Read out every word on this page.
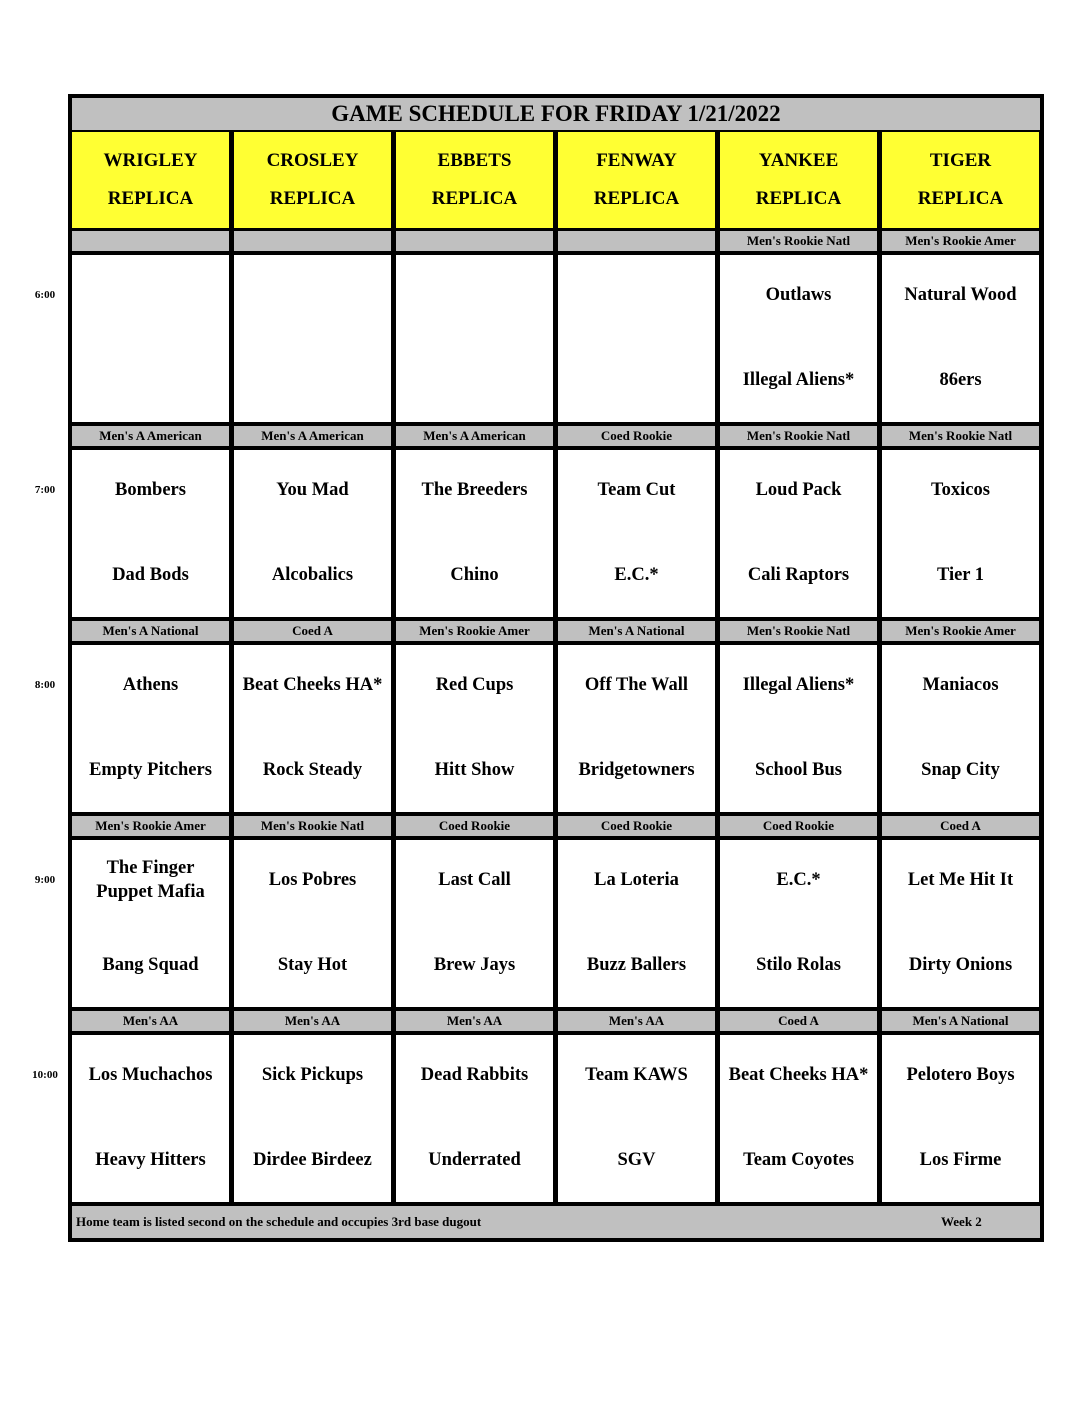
GAME SCHEDULE FOR FRIDAY 1/21/2022
Home team is listed second on the schedule and occupies 3rd base dugout	Week 2
WRIGLEY
REPLICA
CROSLEY
REPLICA
EBBETS
REPLICA
FENWAY
REPLICA
YANKEE
REPLICA
TIGER
REPLICA
Men's Rookie Natl
Outlaws
Illegal Aliens*
Men's Rookie Amer
Natural Wood
86ers
Men's A American
Bombers
Dad Bods
Men's A American
You Mad
Alcobalics
Men's A American
The Breeders
Chino
Coed Rookie
Team Cut
E.C.*
Men's Rookie Natl
Loud Pack
Cali Raptors
Men's Rookie Natl
Toxicos
Tier 1
Men's A National
Athens
Empty Pitchers
Coed A
Beat Cheeks HA*
Rock Steady
Men's Rookie Amer
Red Cups
Hitt Show
Men's A National
Off The Wall
Bridgetowners
Men's Rookie Natl
Illegal Aliens*
School Bus
Men's Rookie Amer
Maniacos
Snap City
Men's Rookie Amer
The Finger Puppet Mafia
Bang Squad
Men's Rookie Natl
Los Pobres
Stay Hot
Coed Rookie
Last Call
Brew Jays
Coed Rookie
La Loteria
Buzz Ballers
Coed Rookie
E.C.*
Stilo Rolas
Coed A
Let Me Hit It
Dirty Onions
Men's AA
Los Muchachos
Heavy Hitters
Men's AA
Sick Pickups
Dirdee Birdeez
Men's AA
Dead Rabbits
Underrated
Men's AA
Team KAWS
SGV
Coed A
Beat Cheeks HA*
Team Coyotes
Men's A National
Pelotero Boys
Los Firme
6:00
7:00
8:00
9:00
10:00
